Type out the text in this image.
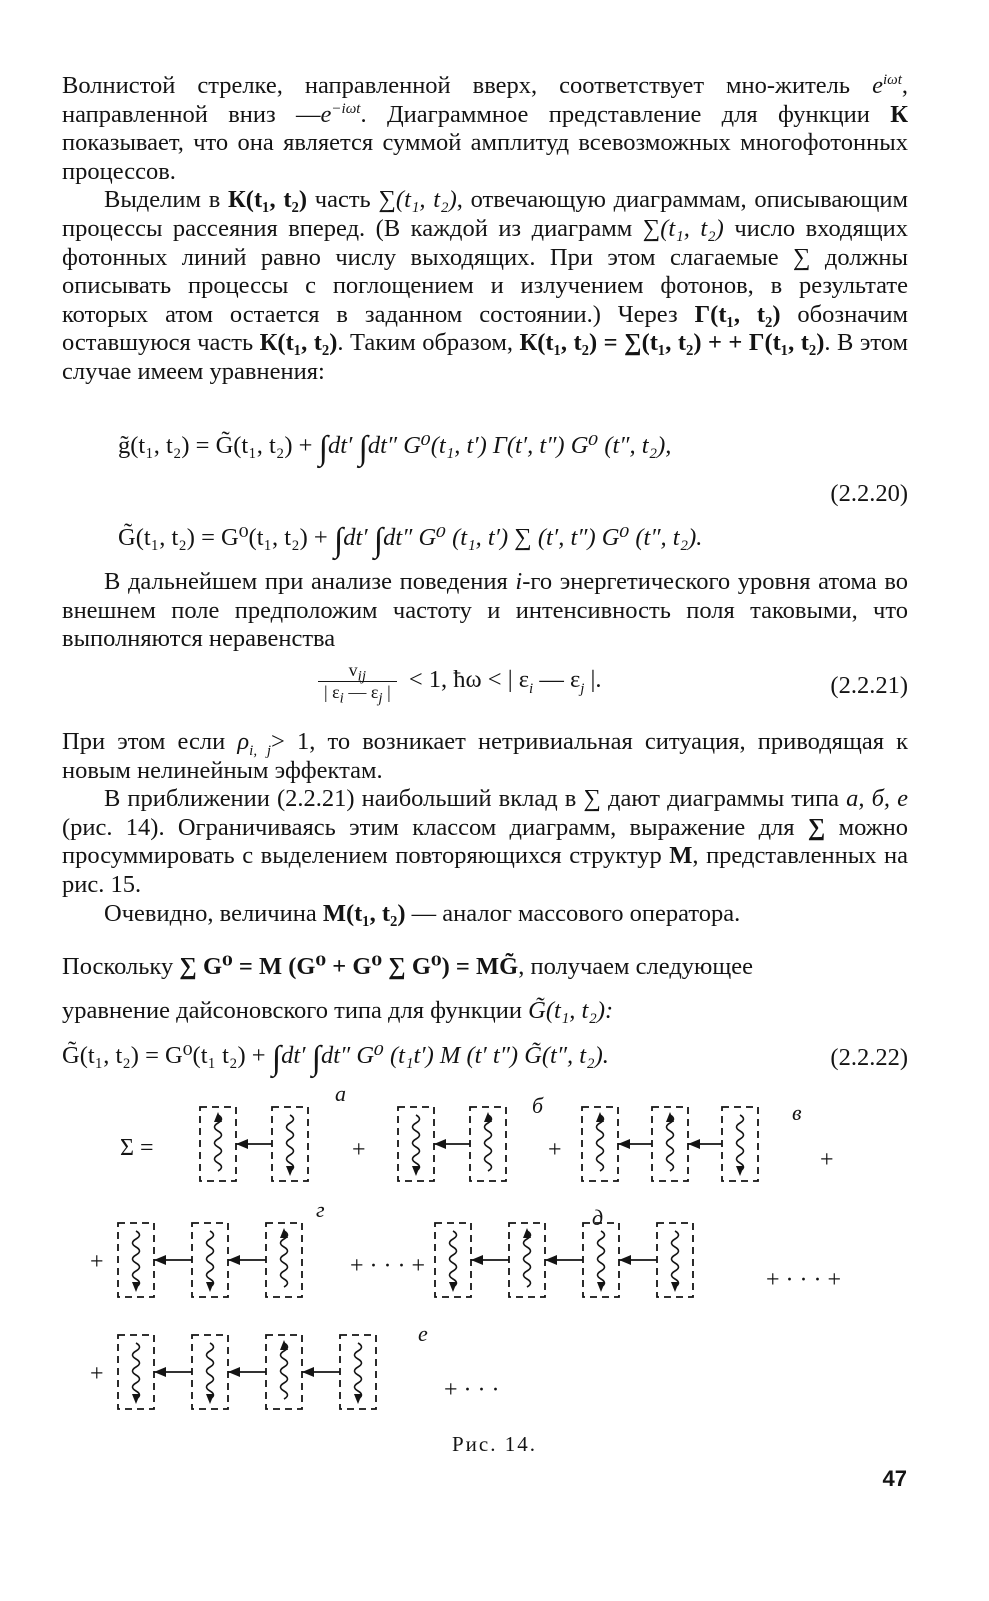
Волнистой стрелке, направленной вверх, соответствует мно-житель $e^{i\omega t}$, направленной вниз $—e^{-i\omega t}$. Диаграммное представление для функции К показывает, что она является суммой амплитуд всевозможных многофотонных процессов.

Выделим в К(t₁, t₂) часть ∑(t₁, t₂), отвечающую диаграммам, описывающим процессы рассеяния вперед. (В каждой из диаграмм ∑(t₁, t₂) число входящих фотонных линий равно числу выходящих. При этом слагаемые ∑ должны описывать процессы с поглощением и излучением фотонов, в результате которых атом остается в заданном состоянии.) Через Г(t₁, t₂) обозначим оставшуюся часть К(t₁, t₂). Таким образом, К(t₁, t₂) = ∑(t₁, t₂) + + Г(t₁, t₂). В этом случае имеем уравнения:

g̃(t₁, t₂) = G̃(t₁, t₂) + ∫dt′ ∫dt″ G⁰(t₁, t′) Г(t′, t″) G⁰ (t″, t₂),
(2.2.20)
G̃(t₁, t₂) = G⁰(t₁, t₂) + ∫dt′ ∫dt″ G⁰ (t₁, t′) ∑ (t′, t″) G⁰ (t″, t₂).

В дальнейшем при анализе поведения i-го энергетического уровня атома во внешнем поле предположим частоту и интенсивность поля таковыми, что выполняются неравенства

$\frac{v_{ij}}{| \varepsilon_i — \varepsilon_j |} < 1$, ħω < | $\varepsilon_i$ — $\varepsilon_j$ |.	(2.2.21)

При этом если $\rho_{i, j}> 1$, то возникает нетривиальная ситуация, приводящая к новым нелинейным эффектам.

В приближении (2.2.21) наибольший вклад в ∑ дают диаграммы типа а, б, е (рис. 14). Ограничиваясь этим классом диаграмм, выражение для ∑ можно просуммировать с выделением повторяющихся структур М, представленных на рис. 15.

Очевидно, величина М(t₁, t₂) — аналог массового оператора.

Поскольку ∑ G⁰ = М (G⁰ + G⁰ ∑ G⁰) = МG̃, получаем следующее

уравнение дайсоновского типа для функции G̃(t₁, t₂):

G̃(t₁, t₂) = G⁰(t₁ t₂) + ∫dt′ ∫dt″ G⁰ (t₁t′) М (t′ t″) G̃(t″, t₂).	(2.2.22)
Σ =
а
+
б
+
в
+
+
г
+ · · · +
д
+ · · · +
+
е
+ · · ·
Рис. 14.
47
